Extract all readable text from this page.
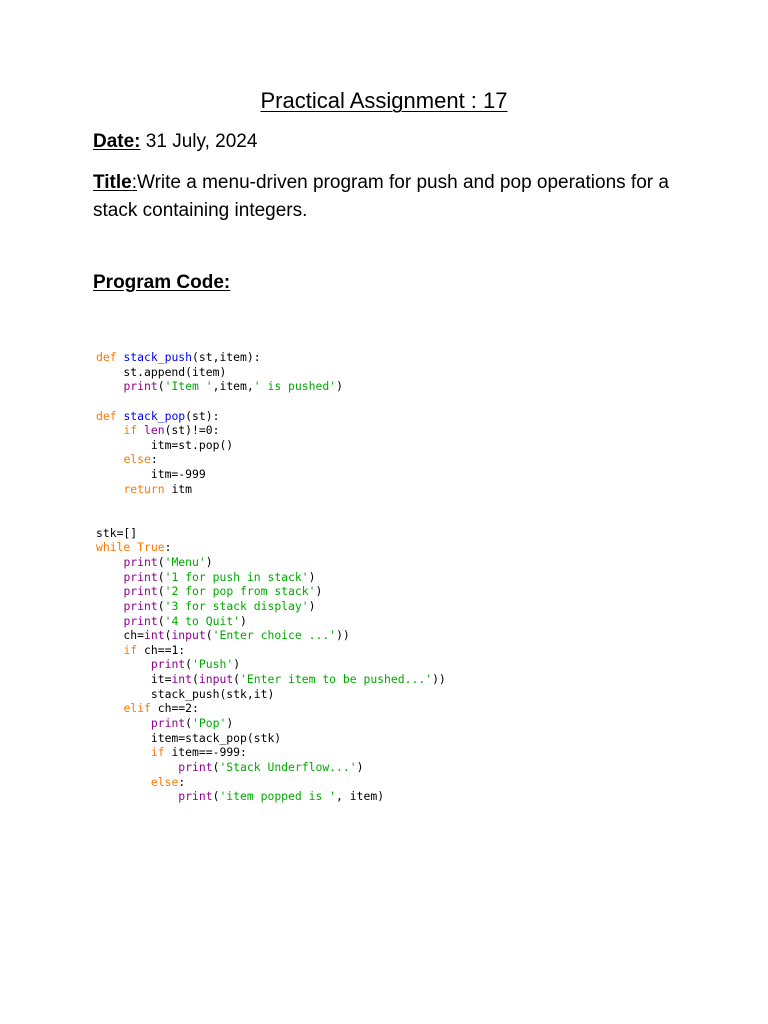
Practical Assignment : 17
Date: 31 July, 2024
Title:Write a menu-driven program for push and pop operations for a stack containing integers.
Program Code:
def stack_push(st,item):
st.append(item)
print('Item ',item,' is pushed')
def stack_pop(st):
if len(st)!=0:
itm=st.pop()
else:
itm=-999
return itm
stk=[]
while True:
print('Menu')
print('1 for push in stack')
print('2 for pop from stack')
print('3 for stack display')
print('4 to Quit')
ch=int(input('Enter choice ...'))
if ch==1:
print('Push')
it=int(input('Enter item to be pushed...'))
stack_push(stk,it)
elif ch==2:
print('Pop')
item=stack_pop(stk)
if item==-999:
print('Stack Underflow...')
else:
print('item popped is ', item)
